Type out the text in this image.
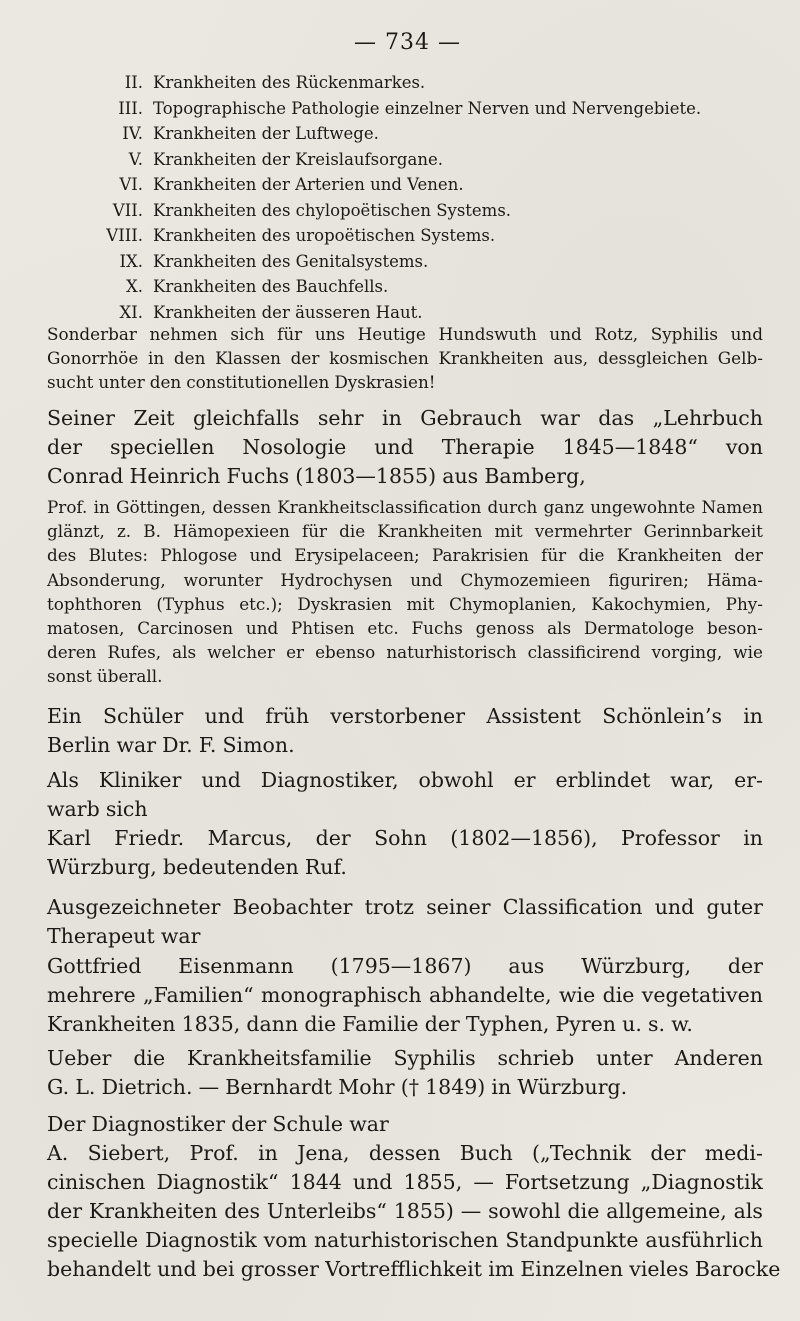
— 734 —
II. Krankheiten des Rückenmarkes.
III. Topographische Pathologie einzelner Nerven und Nervengebiete.
IV. Krankheiten der Luftwege.
V. Krankheiten der Kreislaufsorgane.
VI. Krankheiten der Arterien und Venen.
VII. Krankheiten des chylopoëtischen Systems.
VIII. Krankheiten des uropoëtischen Systems.
IX. Krankheiten des Genitalsystems.
X. Krankheiten des Bauchfells.
XI. Krankheiten der äusseren Haut.
Sonderbar nehmen sich für uns Heutige Hundswuth und Rotz, Syphilis und
Gonorrhöe in den Klassen der kosmischen Krankheiten aus, dessgleichen Gelb-
sucht unter den constitutionellen Dyskrasien!
Seiner Zeit gleichfalls sehr in Gebrauch war das „Lehrbuch
der speciellen Nosologie und Therapie 1845—1848“ von
Conrad Heinrich Fuchs (1803—1855) aus Bamberg,
Prof. in Göttingen, dessen Krankheitsclassification durch ganz ungewohnte Namen
glänzt, z. B. Hämopexieen für die Krankheiten mit vermehrter Gerinnbarkeit
des Blutes: Phlogose und Erysipelaceen; Parakrisien für die Krankheiten der
Absonderung, worunter Hydrochysen und Chymozemieen figuriren; Häma-
tophthoren (Typhus etc.); Dyskrasien mit Chymoplanien, Kakochymien, Phy-
matosen, Carcinosen und Phtisen etc. Fuchs genoss als Dermatologe beson-
deren Rufes, als welcher er ebenso naturhistorisch classificirend vorging, wie
sonst überall.
Ein Schüler und früh verstorbener Assistent Schönlein’s in
Berlin war Dr. F. Simon.
Als Kliniker und Diagnostiker, obwohl er erblindet war, er-
warb sich
Karl Friedr. Marcus, der Sohn (1802—1856), Professor in
Würzburg, bedeutenden Ruf.
Ausgezeichneter Beobachter trotz seiner Classification und guter
Therapeut war
Gottfried Eisenmann (1795—1867) aus Würzburg, der
mehrere „Familien“ monographisch abhandelte, wie die vegetativen
Krankheiten 1835, dann die Familie der Typhen, Pyren u. s. w.
Ueber die Krankheitsfamilie Syphilis schrieb unter Anderen
G. L. Dietrich. — Bernhardt Mohr († 1849) in Würzburg.
Der Diagnostiker der Schule war
A. Siebert, Prof. in Jena, dessen Buch („Technik der medi-
cinischen Diagnostik“ 1844 und 1855, — Fortsetzung „Diagnostik
der Krankheiten des Unterleibs“ 1855) — sowohl die allgemeine, als
specielle Diagnostik vom naturhistorischen Standpunkte ausführlich
behandelt und bei grosser Vortrefflichkeit im Einzelnen vieles Barocke
